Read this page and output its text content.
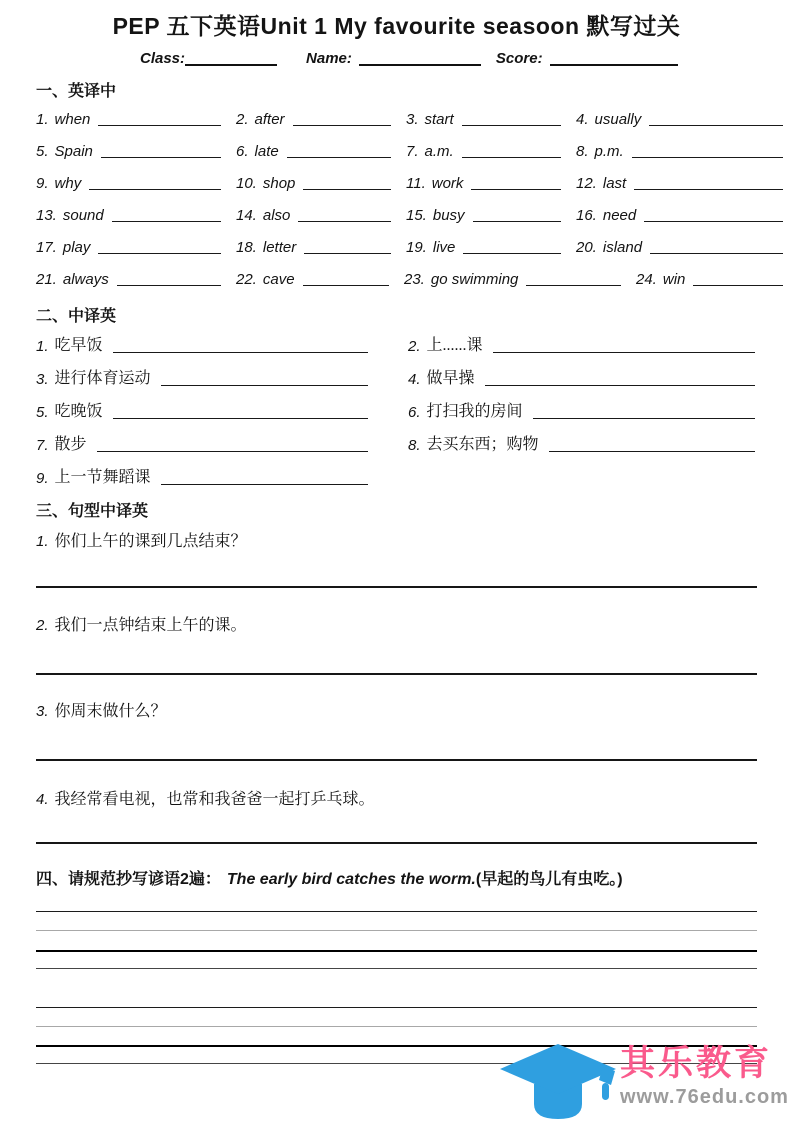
PEP 五下英语Unit 1 My favourite seasoon 默写过关
Class:	Name:	Score:
一、英译中
1. when	2. after	3. start	4. usually
5. Spain	6. late	7. a.m.	8. p.m.
9. why	10. shop	11. work	12. last
13. sound	14. also	15. busy	16. need
17. play	18. letter	19. live	20. island
21. always	22. cave	23. go swimming	24. win
二、中译英
1. 吃早饭	2. 上......课
3. 进行体育运动	4. 做早操
5. 吃晚饭	6. 打扫我的房间
7. 散步	8. 去买东西；购物
9. 上一节舞蹈课
三、句型中译英
1. 你们上午的课到几点结束？
2. 我们一点钟结束上午的课。
3. 你周末做什么？
4. 我经常看电视，也常和我爸爸一起打乒乓球。
四、请规范抄写谚语2遍： The early bird catches the worm.(早起的鸟儿有虫吃。)
其乐教育
www.76edu.com
